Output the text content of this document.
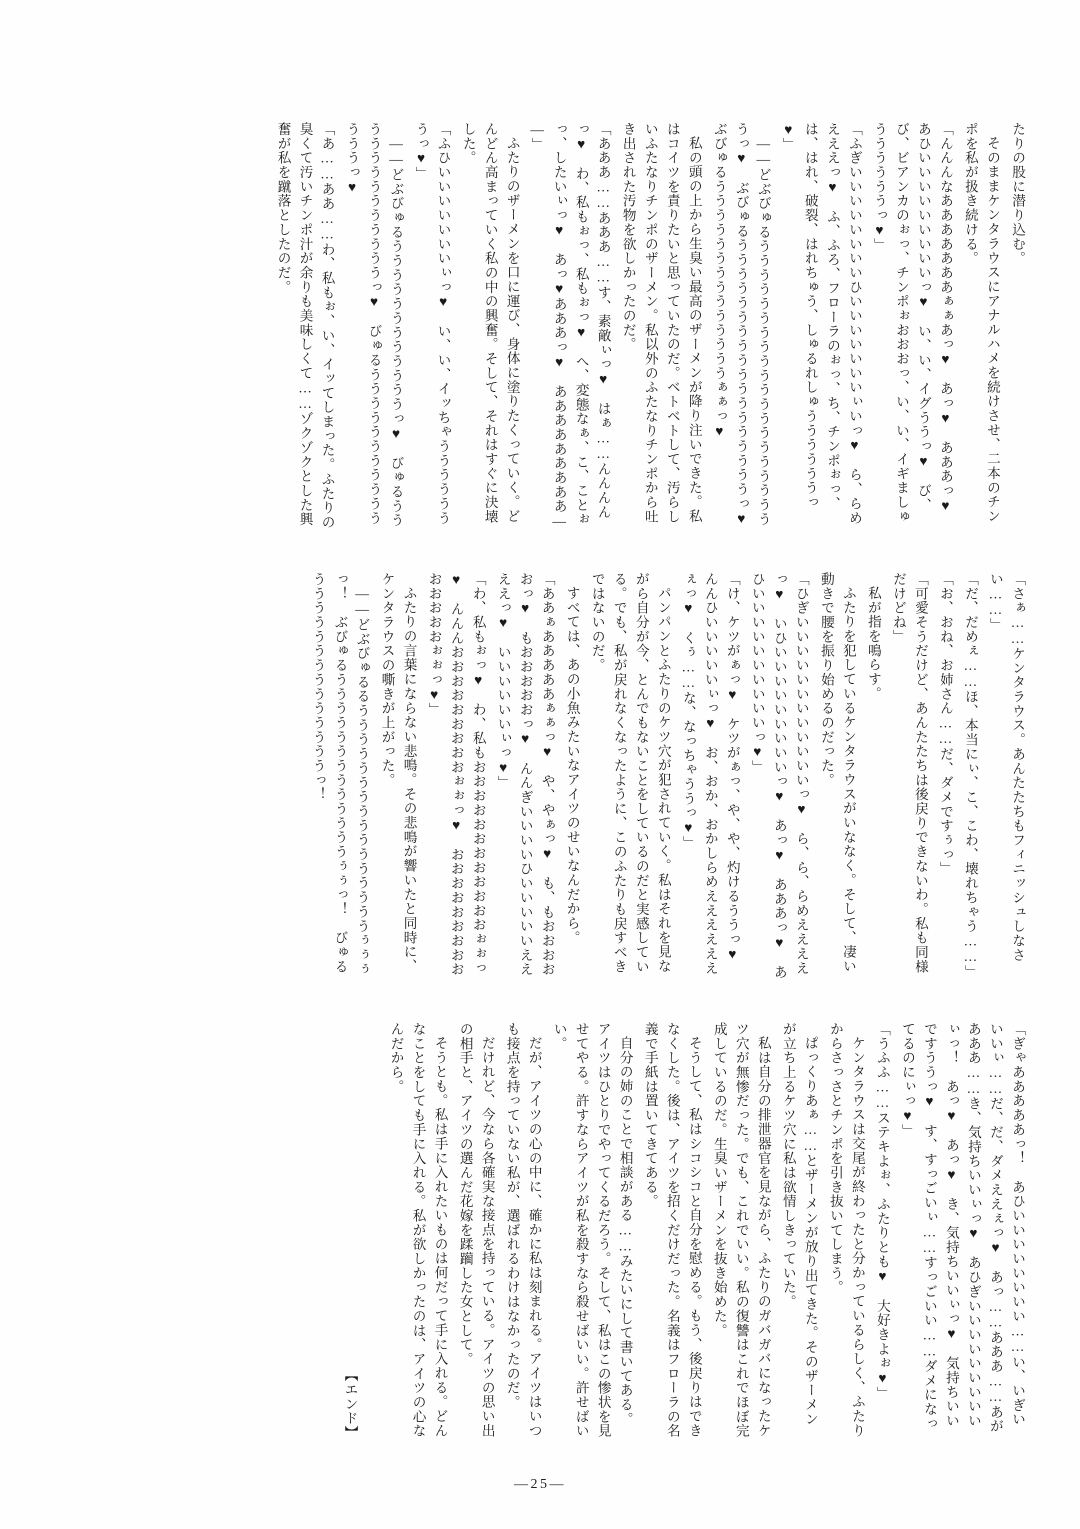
たりの股に潜り込む。
そのままケンタラウスにアナルハメを続けさせ、二本のチンポを私が扱き続ける。
「んんんなあああああああぁぁあっ♥　あっ♥　あああっ♥　あひいいいいいいいいいっ♥　い、い、イグううっ♥　び、び、ビアンカのぉっ、チンポぉおおおっ、い、い、イギましゅううううううっ♥」
「ふぎいいいいいいいいひいいいいいいいぃいっ♥　ら、らめえええっ♥　ふ、ふろ、フローラのぉっ、ち、チンポぉっ、は、はれ、破裂、はれちゅう、しゅるれしゅううううううっ♥」
――どぶびゅるうううううううううううううううううううううっ♥　ぶびゅるううううううううううううううううううっ♥　ぶびゅるううううううううううううううぁぁっ♥
私の頭の上から生臭い最高のザーメンが降り注いできた。私はコイツを責りたいと思っていたのだ。ベトベトして、汚らしいふたなりチンポのザーメン。私以外のふたなりチンポから吐き出された汚物を欲しかったのだ。
「あああ……あああ……す、素敵ぃっ♥　はぁ……んんんんっ♥　わ、私もぉっ、私もぉっ♥　へ、変態なぁ、こ、ことぉっ、したいぃっ♥　あっ♥あああっ♥　あああああああああ――」
ふたりのザーメンを口に運び、身体に塗りたくっていく。どんどん高まっていく私の中の興奮。そして、それはすぐに決壊した。
「ふひいいいいいいいぃっ♥　い、い、イッちゃうううううううっ♥」
――どぶびゅるううううううううううううっ♥　びゅるうううううううううううううっ♥　びゅるううううううううううううううっ♥
「あ……ああ……わ、私もぉ、い、イッてしまった。ふたりの臭くて汚いチンポ汁が余りも美味しくて……ゾクゾクとした興奮が私を蹴落としたのだ。
「さぁ……ケンタラウス。あんたたちもフィニッシュしなさい……」
「だ、だめぇ……ほ、本当にぃ、こ、こわ、壊れちゃう……」
「お、おね、お姉さん……だ、ダメですぅっ」
「可愛そうだけど、あんたたちは後戻りできないわ。私も同様だけどね」
私が指を鳴らす。
ふたりを犯しているケンタラウスがいななく。そして、凄い動きで腰を振り始めるのだった。
「ひぎいいいいいいいいいいいいっ♥　ら、ら、らめええええっ♥　いひいいいいいいいいいっ♥　あっ♥　あああっ♥　あひいいいいいいいいいいっ♥」
「け、ケツがぁっ♥　ケツがぁっ、や、や、灼けるううっ♥　んんひいいいいいぃっ♥　お、おか、おかしらめええええええぇっ♥　くぅ……な、なっちゃううっ♥」
パンパンとふたりのケツ穴が犯されていく。私はそれを見ながら自分が今、とんでもないことをしているのだと実感している。でも、私が戻れなくなったように、このふたりも戻すべきではないのだ。
すべては、あの小魚みたいなアイツのせいなんだから。
「ああぁあああああぁぁっ♥　や、やぁっ♥　も、もおおおおおっ♥　もおおおおおっ♥　んんぎいいいいひいいいいいええええっ♥　いいいいいいぃっ♥」
「わ、私もぉっ♥　わ、私もおおおおおおおおおおおおぉぉっ♥　んんんおおおおおおおおおぉぉっ♥　おおおおおおおおおおおおおおぉぉっ♥」
ふたりの言葉にならない悲鳴。その悲鳴が響いたと同時に、ケンタラウスの嘶きが上がった。
――どぶびゅるるううううううううううううううううぅぅぅっ！　ぶびゅるうううううううううううううぅぅっ！　びゅるううううううううううううううっ！
「ぎゃあああああっ！　あひいいいいいいいい……い、いぎいいいぃ……だ、だ、ダメええぇっ♥　あっ……あああ……あがあああ……き、気持ちいいぃっ♥　あひぎいいいいいいいいいぃっ！　あっ♥　あっ♥　き、気持ちいいぃっ♥　気持ちいいですううっ♥　す、すっごいぃ……すっごいい……ダメになってるのにぃっ♥」
「うふふ……ステキよぉ、ふたりとも♥　大好きよぉ♥」
ケンタラウスは交尾が終わったと分かっているらしく、ふたりからさっさとチンポを引き抜いてしまう。
ぱっくりあぁ……とザーメンが放り出てきた。そのザーメンが立ち上るケツ穴に私は欲情しきっていた。
私は自分の排泄器官を見ながら、ふたりのガバガバになったケツ穴が無惨だった。でも、これでいい。私の復讐はこれでほぼ完成しているのだ。生臭いザーメンを抜き始めた。
そうして、私はシコシコと自分を慰める。もう、後戻りはできなくした。後は、アイツを招くだけだった。名義はフローラの名義で手紙は置いてきてある。
自分の姉のことで相談がある……みたいにして書いてある。アイツはひとりでやってくるだろう。そして、私はこの惨状を見せてやる。許すならアイツが私を殺すなら殺せばいい。許せばいい。
だが、アイツの心の中に、確かに私は刻まれる。アイツはいつも接点を持っていない私が、選ばれるわけはなかったのだ。
だけれど、今なら各確実な接点を持っている。アイツの思い出の相手と、アイツの選んだ花嫁を蹂躏した女として。
そうとも。私は手に入れたいものは何だって手に入れる。どんなことをしても手に入れる。私が欲しかったのは、アイツの心なんだから。
【エンド】
—25—
